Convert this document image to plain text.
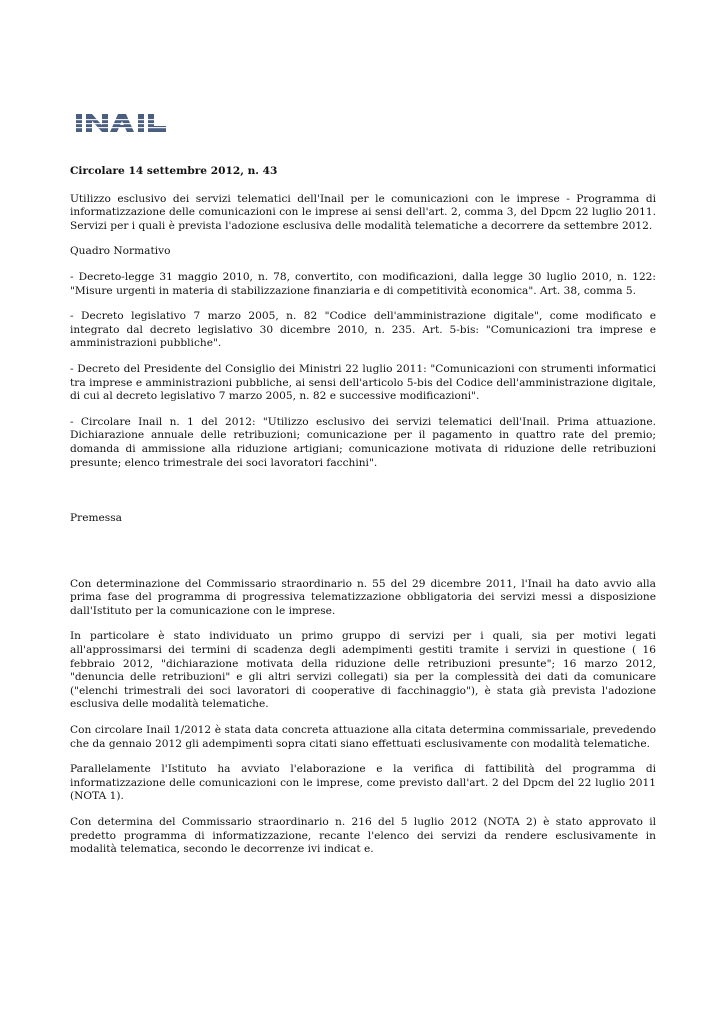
Circolare 14 settembre 2012, n. 43

Utilizzo esclusivo dei servizi telematici dell'Inail per le comunicazioni con le imprese - Programma di informatizzazione delle comunicazioni con le imprese ai sensi dell'art. 2, comma 3, del Dpcm 22 luglio 2011. Servizi per i quali è prevista l'adozione esclusiva delle modalità telematiche a decorrere da settembre 2012.

Quadro Normativo

- Decreto-legge 31 maggio 2010, n. 78, convertito, con modificazioni, dalla legge 30 luglio 2010, n. 122: "Misure urgenti in materia di stabilizzazione finanziaria e di competitività economica". Art. 38, comma 5.

- Decreto legislativo 7 marzo 2005, n. 82 "Codice dell'amministrazione digitale", come modificato e integrato dal decreto legislativo 30 dicembre 2010, n. 235. Art. 5-bis: "Comunicazioni tra imprese e amministrazioni pubbliche".

- Decreto del Presidente del Consiglio dei Ministri 22 luglio 2011: "Comunicazioni con strumenti informatici tra imprese e amministrazioni pubbliche, ai sensi dell'articolo 5-bis del Codice dell'amministrazione digitale, di cui al decreto legislativo 7 marzo 2005, n. 82 e successive modificazioni".

- Circolare Inail n. 1 del 2012: "Utilizzo esclusivo dei servizi telematici dell'Inail. Prima attuazione. Dichiarazione annuale delle retribuzioni; comunicazione per il pagamento in quattro rate del premio; domanda di ammissione alla riduzione artigiani; comunicazione motivata di riduzione delle retribuzioni presunte; elenco trimestrale dei soci lavoratori facchini".

Premessa

Con determinazione del Commissario straordinario n. 55 del 29 dicembre 2011, l'Inail ha dato avvio alla prima fase del programma di progressiva telematizzazione obbligatoria dei servizi messi a disposizione dall'Istituto per la comunicazione con le imprese.

In particolare è stato individuato un primo gruppo di servizi per i quali, sia per motivi legati all'approssimarsi dei termini di scadenza degli adempimenti gestiti tramite i servizi in questione ( 16 febbraio 2012, "dichiarazione motivata della riduzione delle retribuzioni presunte"; 16 marzo 2012, "denuncia delle retribuzioni" e gli altri servizi collegati) sia per la complessità dei dati da comunicare ("elenchi trimestrali dei soci lavoratori di cooperative di facchinaggio"), è stata già prevista l'adozione esclusiva delle modalità telematiche.

Con circolare Inail 1/2012 è stata data concreta attuazione alla citata determina commissariale, prevedendo che da gennaio 2012 gli adempimenti sopra citati siano effettuati esclusivamente con modalità telematiche.

Parallelamente l'Istituto ha avviato l'elaborazione e la verifica di fattibilità del programma di informatizzazione delle comunicazioni con le imprese, come previsto dall'art. 2 del Dpcm del 22 luglio 2011 (NOTA 1).

Con determina del Commissario straordinario n. 216 del 5 luglio 2012 (NOTA 2) è stato approvato il predetto programma di informatizzazione, recante l'elenco dei servizi da rendere esclusivamente in modalità telematica, secondo le decorrenze ivi indicat e.
